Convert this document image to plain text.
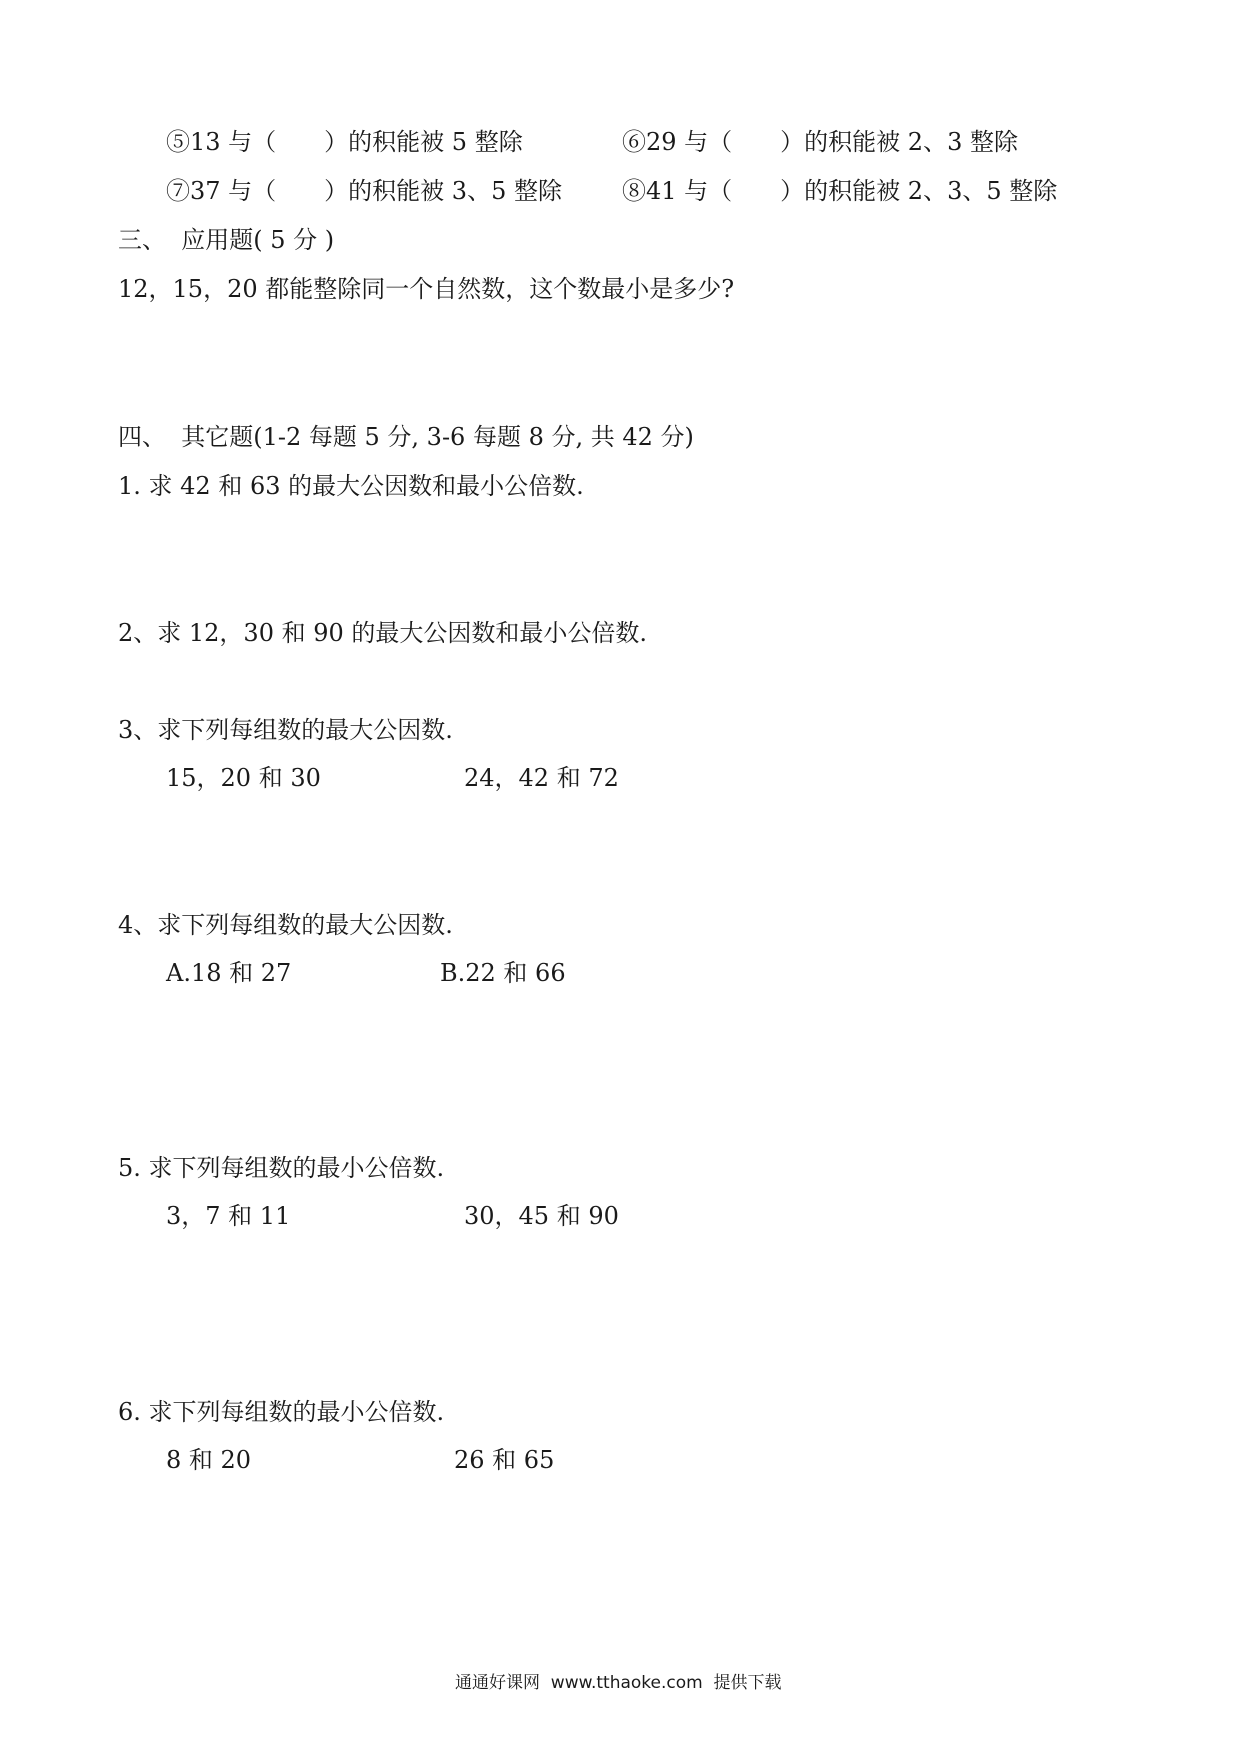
⑤13 与（　　）的积能被 5 整除	⑥29 与（　　）的积能被 2、3 整除
⑦37 与（　　）的积能被 3、5 整除	⑧41 与（　　）的积能被 2、3、5 整除
三、  应用题( 5 分 )
12，15，20 都能整除同一个自然数，这个数最小是多少?
四、  其它题(1-2 每题 5 分, 3-6 每题 8 分, 共 42 分)
1. 求 42 和 63 的最大公因数和最小公倍数.
2、求 12，30 和 90 的最大公因数和最小公倍数.
3、求下列每组数的最大公因数.
15，20 和 30	24，42 和 72
4、求下列每组数的最大公因数.
A.18 和 27	B.22 和 66
5. 求下列每组数的最小公倍数.
3，7 和 11	30，45 和 90
6. 求下列每组数的最小公倍数.
8 和 20	26 和 65
通通好课网  www.tthaoke.com  提供下载
